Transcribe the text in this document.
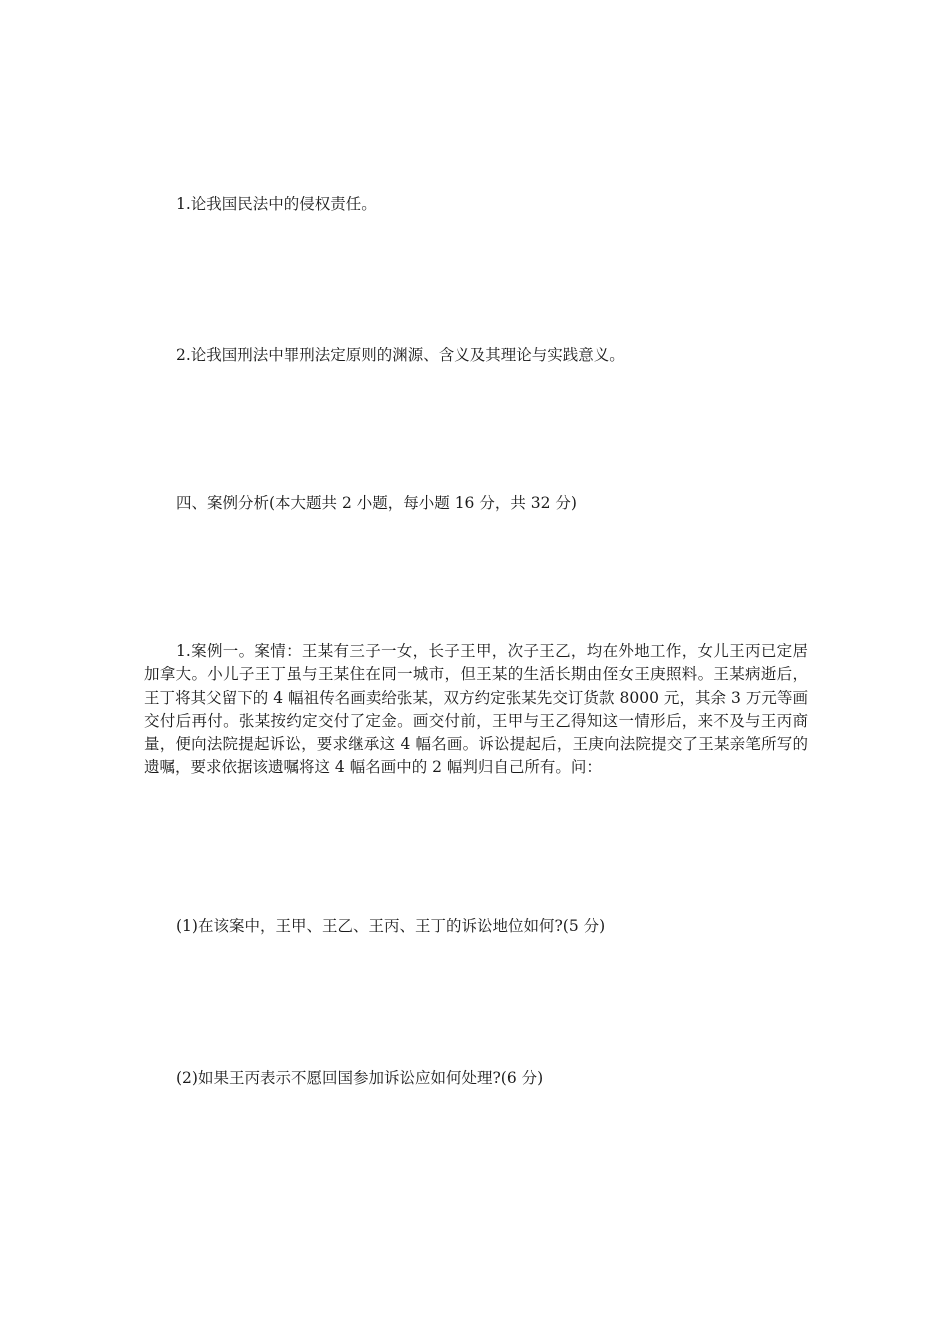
1.论我国民法中的侵权责任。

2.论我国刑法中罪刑法定原则的渊源、含义及其理论与实践意义。

四、案例分析(本大题共 2 小题，每小题 16 分，共 32 分)

1.案例一。案情：王某有三子一女，长子王甲，次子王乙，均在外地工作，女儿王丙已定居加拿大。小儿子王丁虽与王某住在同一城市，但王某的生活长期由侄女王庚照料。王某病逝后，王丁将其父留下的 4 幅祖传名画卖给张某，双方约定张某先交订货款 8000 元，其余 3 万元等画交付后再付。张某按约定交付了定金。画交付前，王甲与王乙得知这一情形后，来不及与王丙商量，便向法院提起诉讼，要求继承这 4 幅名画。诉讼提起后，王庚向法院提交了王某亲笔所写的遗嘱，要求依据该遗嘱将这 4 幅名画中的 2 幅判归自己所有。问：

(1)在该案中，王甲、王乙、王丙、王丁的诉讼地位如何?(5 分)

(2)如果王丙表示不愿回国参加诉讼应如何处理?(6 分)
